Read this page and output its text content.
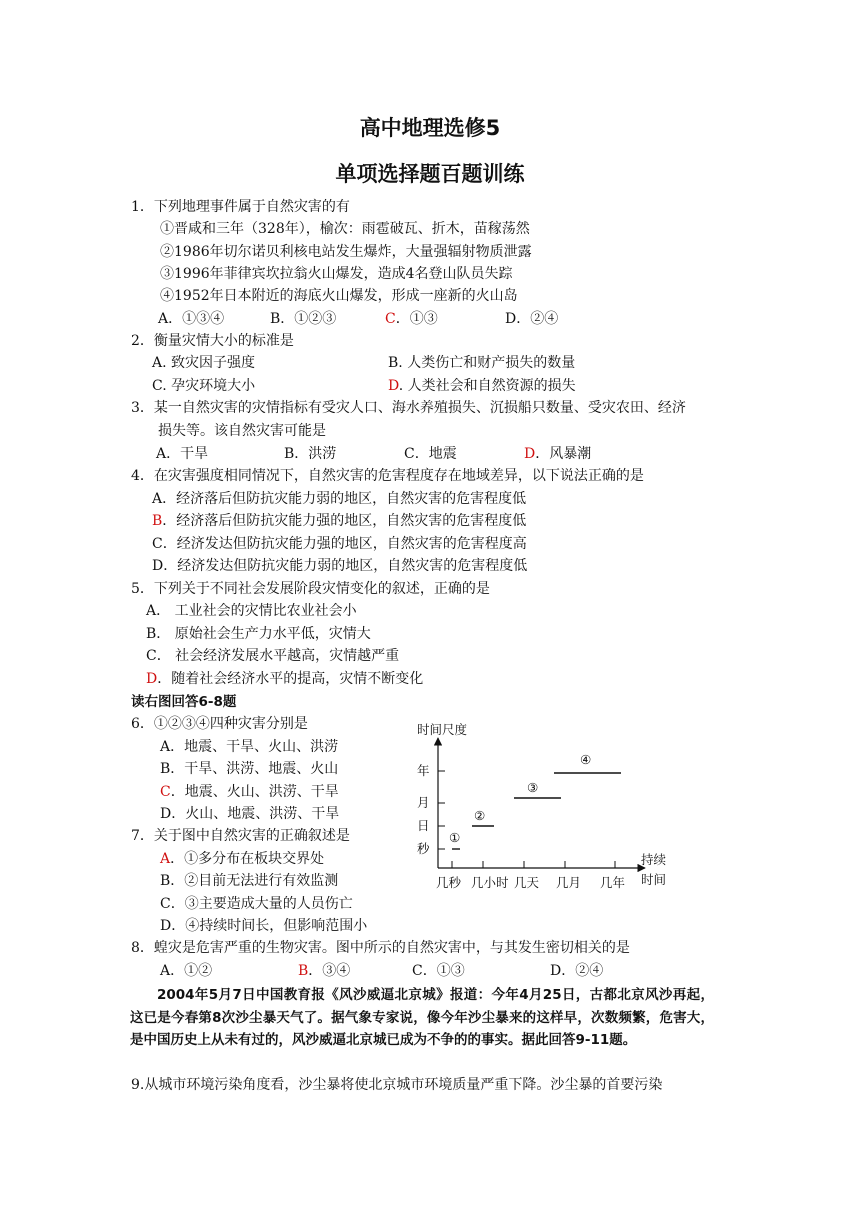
高中地理选修5
单项选择题百题训练
1．下列地理事件属于自然灾害的有
①晋咸和三年（328年），榆次：雨雹破瓦、折木，苗稼荡然
②1986年切尔诺贝利核电站发生爆炸，大量强辐射物质泄露
③1996年菲律宾坎拉翁火山爆发，造成4名登山队员失踪
④1952年日本附近的海底火山爆发，形成一座新的火山岛
A．①③④	B．①②③	C．①③	D．②④
2．衡量灾情大小的标准是
A. 致灾因子强度	B. 人类伤亡和财产损失的数量
C. 孕灾环境大小	D. 人类社会和自然资源的损失
3．某一自然灾害的灾情指标有受灾人口、海水养殖损失、沉损船只数量、受灾农田、经济
损失等。该自然灾害可能是
A．干旱	B．洪涝	C．地震	D．风暴潮
4．在灾害强度相同情况下，自然灾害的危害程度存在地域差异，以下说法正确的是
A．经济落后但防抗灾能力弱的地区，自然灾害的危害程度低
B．经济落后但防抗灾能力强的地区，自然灾害的危害程度低
C．经济发达但防抗灾能力强的地区，自然灾害的危害程度高
D．经济发达但防抗灾能力弱的地区，自然灾害的危害程度低
5．下列关于不同社会发展阶段灾情变化的叙述，正确的是
A． 工业社会的灾情比农业社会小
B． 原始社会生产力水平低，灾情大
C． 社会经济发展水平越高，灾情越严重
D．随着社会经济水平的提高，灾情不断变化
读右图回答6-8题
6．①②③④四种灾害分别是
A．地震、干旱、火山、洪涝
B．干旱、洪涝、地震、火山
C．地震、火山、洪涝、干旱
D．火山、地震、洪涝、干旱
7．关于图中自然灾害的正确叙述是
A．①多分布在板块交界处
B．②目前无法进行有效监测
C．③主要造成大量的人员伤亡
D．④持续时间长，但影响范围小
时间尺度
年
月
日
秒
几秒 几小时 几天 几月 几年
持续
时间
①
②
③
④
8．蝗灾是危害严重的生物灾害。图中所示的自然灾害中，与其发生密切相关的是
A．①②	B．③④	C．①③	D．②④
2004年5月7日中国教育报《风沙威逼北京城》报道：今年4月25日，古都北京风沙再起，这已是今春第8次沙尘暴天气了。据气象专家说，像今年沙尘暴来的这样早，次数频繁，危害大，是中国历史上从未有过的，风沙威逼北京城已成为不争的的事实。据此回答9-11题。
9.从城市环境污染角度看，沙尘暴将使北京城市环境质量严重下降。沙尘暴的首要污染
